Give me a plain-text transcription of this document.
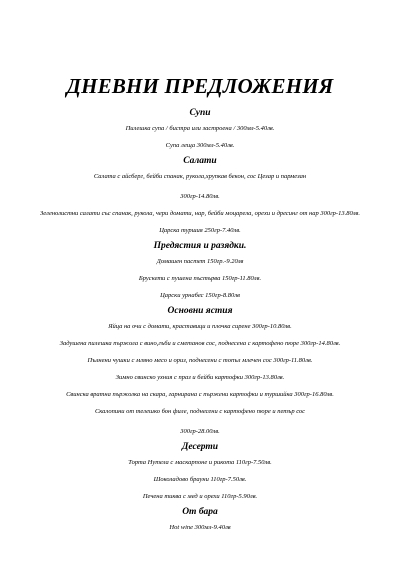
ДНЕВНИ ПРЕДЛОЖЕНИЯ
Супи
Пилешка супа / бистра или застроена / 300мл-5.40лв.
Супа леща 300мл-5.40лв.
Салати
Салата с айсберг, бейби спанак, рукола,хрупкав бекон, сос Цезар и пармезан
300гр-14.80лв.
Зеленолистни салати със спанак, рукола, чери домати, нар, бейби моцарела, орехи и дресинг от нар 300гр-13.80лв.
Царска туршия 250гр-7.40лв.
Предястия и разядки.
Домашен пастет 150гр.-9.20лв
Брускети с пушена пъстърва 150гр-11.80лв.
Царски урнабес 150гр-8.80лв
Основни ястия
Яйца на очи с домати, краставици и плочка сирене 300гр-10.80лв.
Задушена пилешка пържола с вино,гъби и сметанов сос, поднесена с картофено пюре 300гр-14.80лв.
Пълнени чушки с мляно месо и ориз, поднесени с топъл млечен сос 300гр-11.80лв.
Зимно свинско ухния с праз и бейби картофки 300гр-13.80лв.
Свинска вратна пържолка на скара, гарнирана с пържени картофки и туршийка 300гр-16.80лв.
Скалопини от телешко бон филе, поднесени с картофено пюре и петър сос
300гр-28.00лв.
Десерти
Торта Нутела с маскарпоне и рикота 110гр-7.50лв.
Шоколадово брауни 110гр-7.50лв.
Печена тиква с мед и орехи 110гр-5.90лв.
От бара
Hot wine 300мл-9.40лв
